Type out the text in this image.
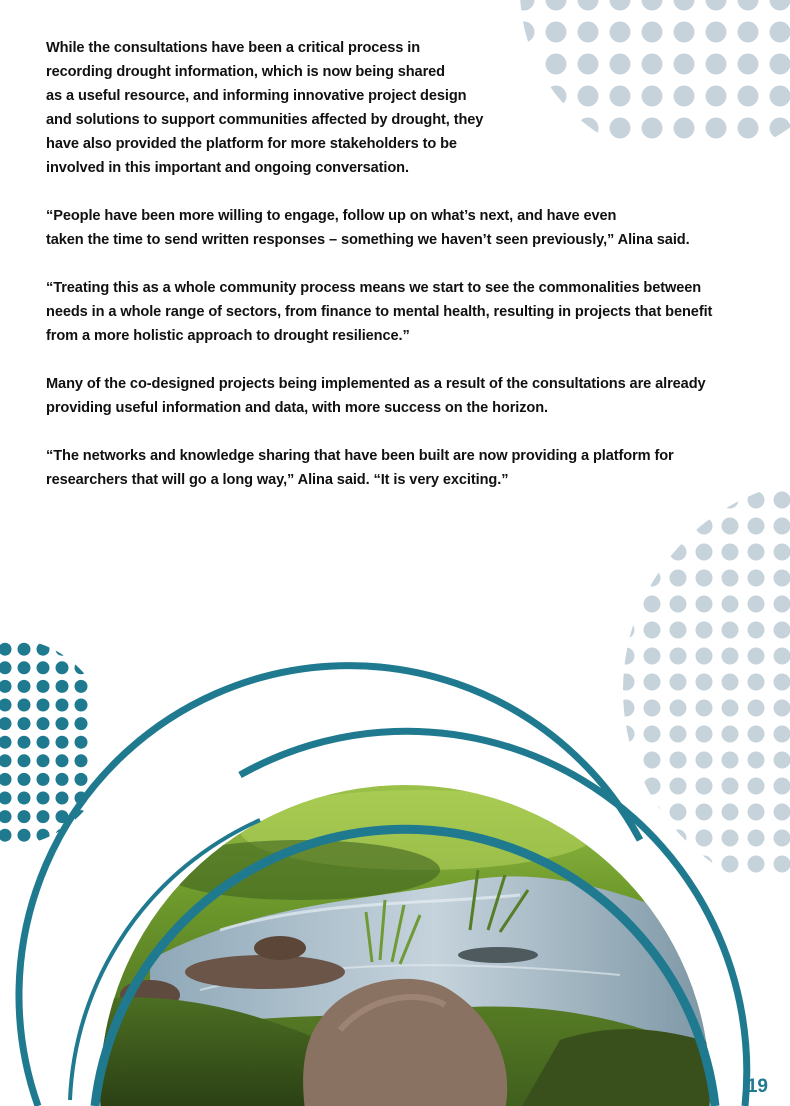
While the consultations have been a critical process in
recording drought information, which is now being shared
as a useful resource, and informing innovative project design
and solutions to support communities affected by drought, they
have also provided the platform for more stakeholders to be
involved in this important and ongoing conversation.

“People have been more willing to engage, follow up on what’s next, and have even
taken the time to send written responses – something we haven’t seen previously,” Alina said.

“Treating this as a whole community process means we start to see the commonalities between
needs in a whole range of sectors, from finance to mental health, resulting in projects that benefit
from a more holistic approach to drought resilience.”

Many of the co-designed projects being implemented as a result of the consultations are already
providing useful information and data, with more success on the horizon.

“The networks and knowledge sharing that have been built are now providing a platform for
researchers that will go a long way,” Alina said. “It is very exciting.”

19
